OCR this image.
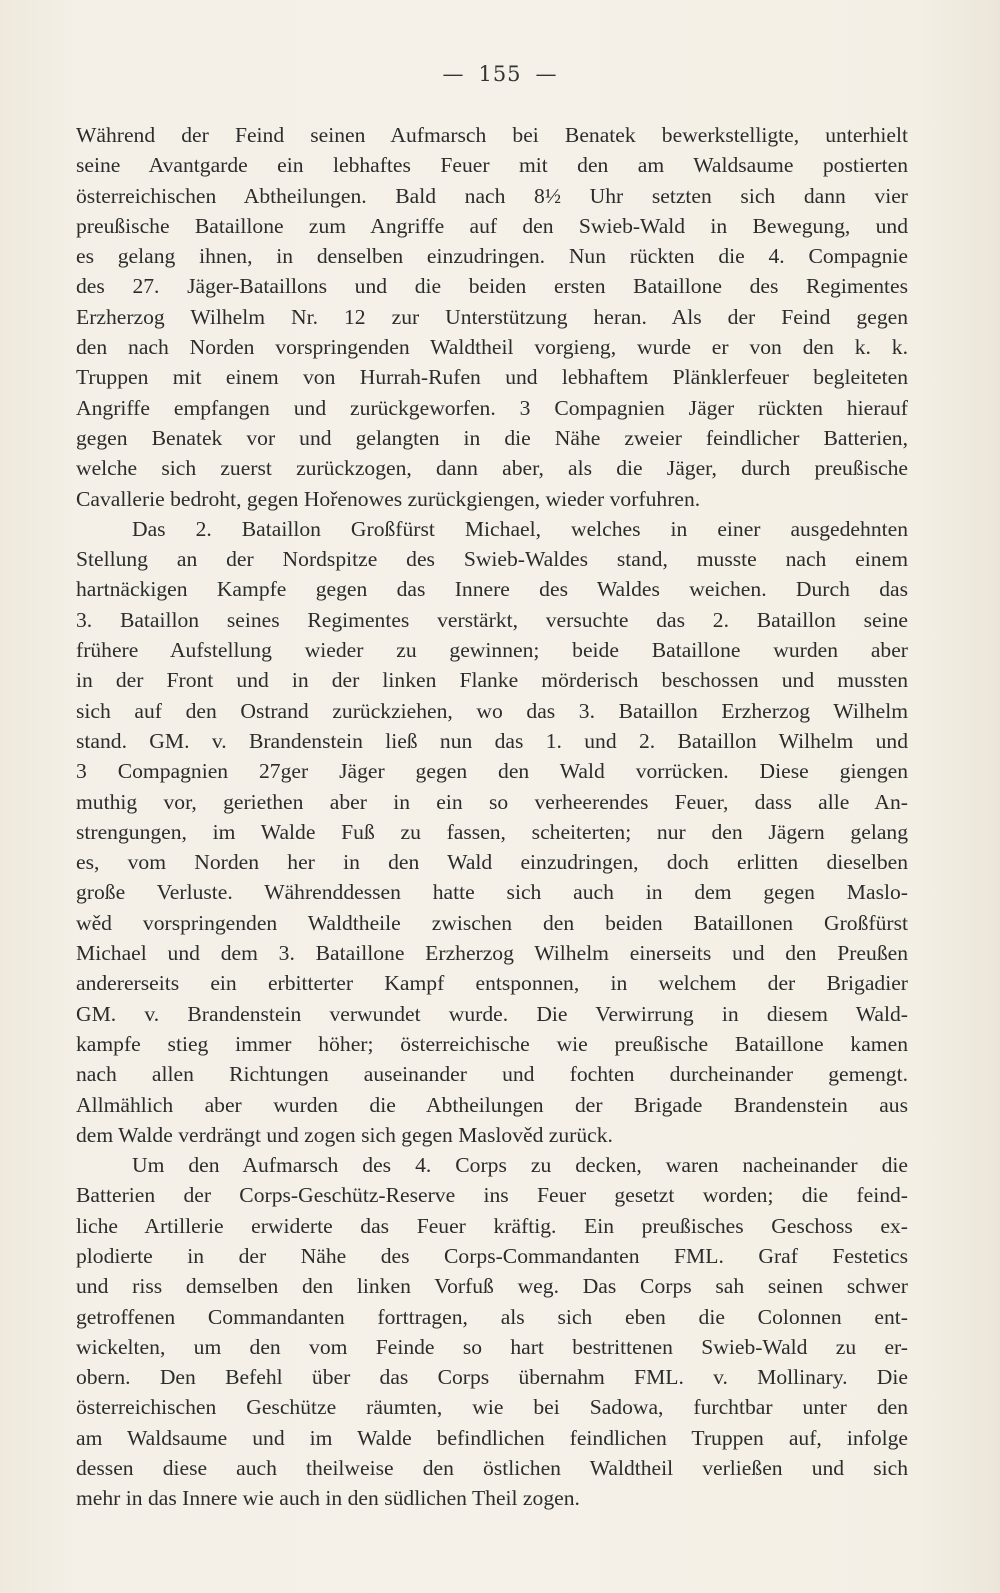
— 155 —
Während der Feind seinen Aufmarsch bei Benatek bewerkstelligte, unterhielt
seine Avantgarde ein lebhaftes Feuer mit den am Waldsaume postierten
österreichischen Abtheilungen. Bald nach 8½ Uhr setzten sich dann vier
preußische Bataillone zum Angriffe auf den Swieb-Wald in Bewegung, und
es gelang ihnen, in denselben einzudringen. Nun rückten die 4. Compagnie
des 27. Jäger-Bataillons und die beiden ersten Bataillone des Regimentes
Erzherzog Wilhelm Nr. 12 zur Unterstützung heran. Als der Feind gegen
den nach Norden vorspringenden Waldtheil vorgieng, wurde er von den k. k.
Truppen mit einem von Hurrah-Rufen und lebhaftem Plänklerfeuer begleiteten
Angriffe empfangen und zurückgeworfen. 3 Compagnien Jäger rückten hierauf
gegen Benatek vor und gelangten in die Nähe zweier feindlicher Batterien,
welche sich zuerst zurückzogen, dann aber, als die Jäger, durch preußische
Cavallerie bedroht, gegen Hořenowes zurückgiengen, wieder vorfuhren.
Das 2. Bataillon Großfürst Michael, welches in einer ausgedehnten
Stellung an der Nordspitze des Swieb-Waldes stand, musste nach einem
hartnäckigen Kampfe gegen das Innere des Waldes weichen. Durch das
3. Bataillon seines Regimentes verstärkt, versuchte das 2. Bataillon seine
frühere Aufstellung wieder zu gewinnen; beide Bataillone wurden aber
in der Front und in der linken Flanke mörderisch beschossen und mussten
sich auf den Ostrand zurückziehen, wo das 3. Bataillon Erzherzog Wilhelm
stand. GM. v. Brandenstein ließ nun das 1. und 2. Bataillon Wilhelm und
3 Compagnien 27ger Jäger gegen den Wald vorrücken. Diese giengen
muthig vor, geriethen aber in ein so verheerendes Feuer, dass alle An-
strengungen, im Walde Fuß zu fassen, scheiterten; nur den Jägern gelang
es, vom Norden her in den Wald einzudringen, doch erlitten dieselben
große Verluste. Währenddessen hatte sich auch in dem gegen Maslo-
wěd vorspringenden Waldtheile zwischen den beiden Bataillonen Großfürst
Michael und dem 3. Bataillone Erzherzog Wilhelm einerseits und den Preußen
andererseits ein erbitterter Kampf entsponnen, in welchem der Brigadier
GM. v. Brandenstein verwundet wurde. Die Verwirrung in diesem Wald-
kampfe stieg immer höher; österreichische wie preußische Bataillone kamen
nach allen Richtungen auseinander und fochten durcheinander gemengt.
Allmählich aber wurden die Abtheilungen der Brigade Brandenstein aus
dem Walde verdrängt und zogen sich gegen Maslověd zurück.
Um den Aufmarsch des 4. Corps zu decken, waren nacheinander die
Batterien der Corps-Geschütz-Reserve ins Feuer gesetzt worden; die feind-
liche Artillerie erwiderte das Feuer kräftig. Ein preußisches Geschoss ex-
plodierte in der Nähe des Corps-Commandanten FML. Graf Festetics
und riss demselben den linken Vorfuß weg. Das Corps sah seinen schwer
getroffenen Commandanten forttragen, als sich eben die Colonnen ent-
wickelten, um den vom Feinde so hart bestrittenen Swieb-Wald zu er-
obern. Den Befehl über das Corps übernahm FML. v. Mollinary. Die
österreichischen Geschütze räumten, wie bei Sadowa, furchtbar unter den
am Waldsaume und im Walde befindlichen feindlichen Truppen auf, infolge
dessen diese auch theilweise den östlichen Waldtheil verließen und sich
mehr in das Innere wie auch in den südlichen Theil zogen.
